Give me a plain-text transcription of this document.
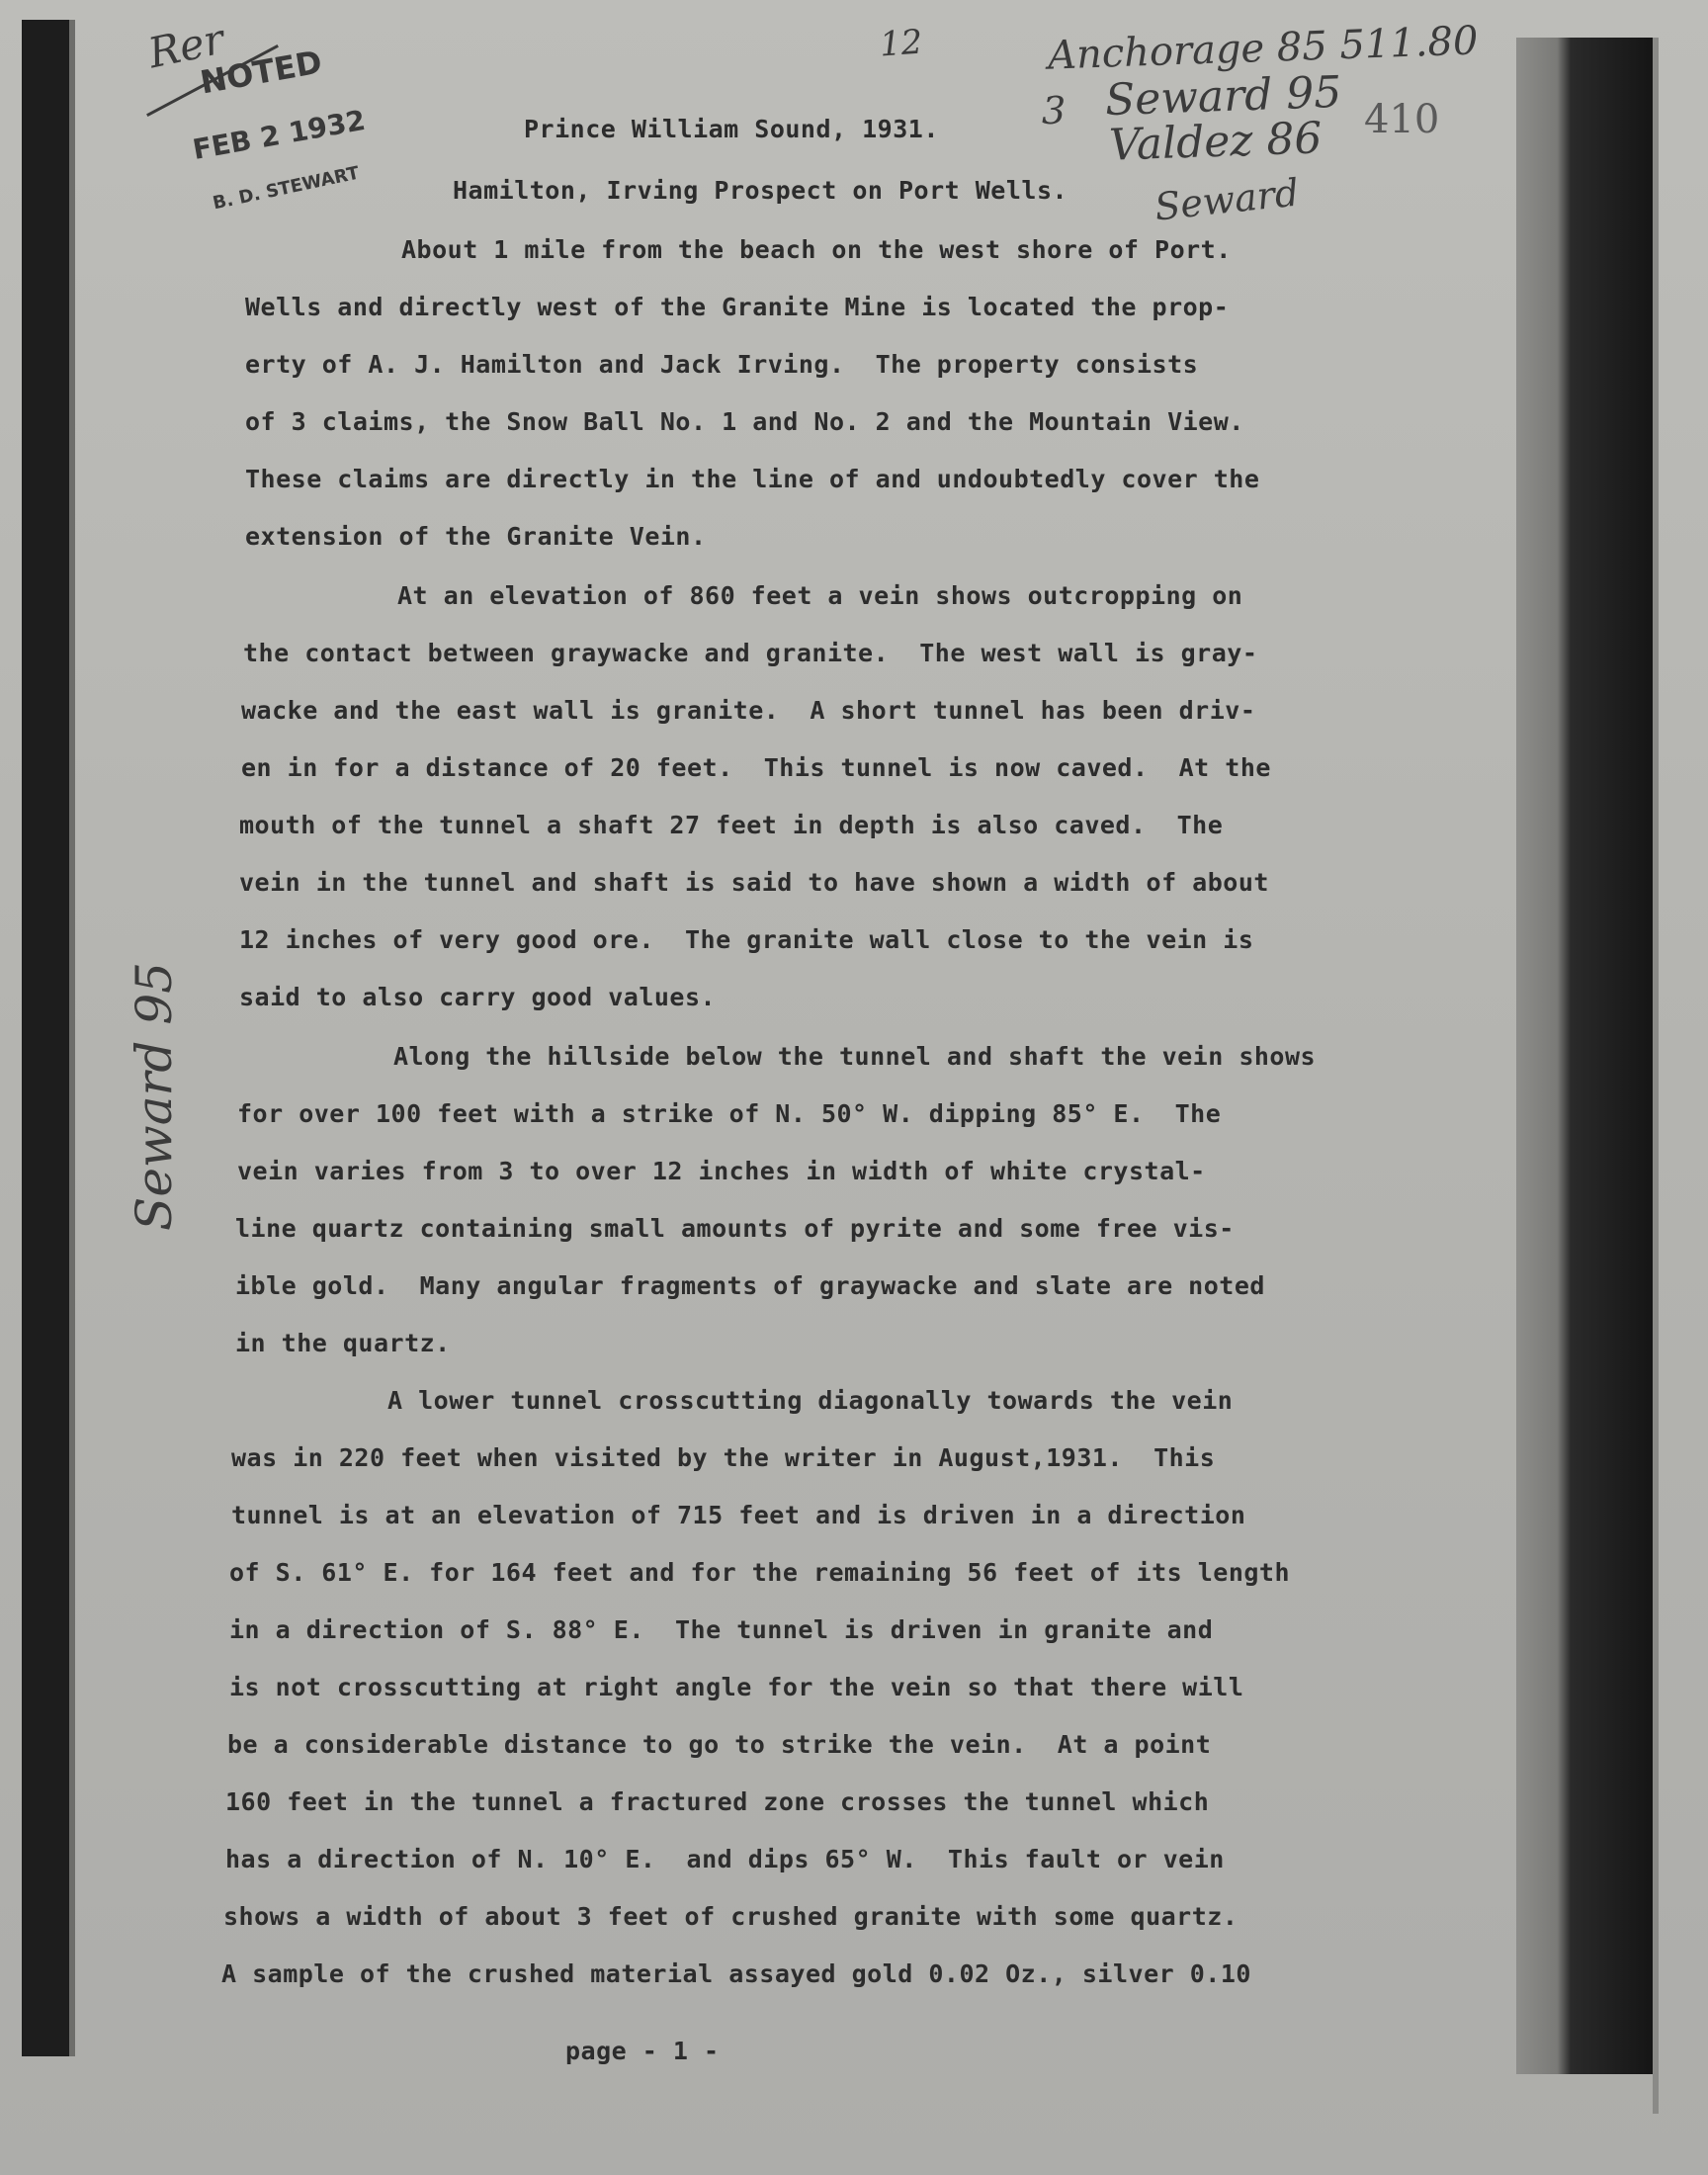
Rer
NOTED
FEB 2 1932
B. D. STEWART
12	Anchorage 85 511.80
3 Seward 95 410
Valdez 86
Seward
Seward 95
Prince William Sound, 1931.
Hamilton, Irving Prospect on Port Wells.
About 1 mile from the beach on the west shore of Port.
Wells and directly west of the Granite Mine is located the prop-
erty of A. J. Hamilton and Jack Irving.  The property consists
of 3 claims, the Snow Ball No. 1 and No. 2 and the Mountain View.
These claims are directly in the line of and undoubtedly cover the
extension of the Granite Vein.
At an elevation of 860 feet a vein shows outcropping on
the contact between graywacke and granite.  The west wall is gray-
wacke and the east wall is granite.  A short tunnel has been driv-
en in for a distance of 20 feet.  This tunnel is now caved.  At the
mouth of the tunnel a shaft 27 feet in depth is also caved.  The
vein in the tunnel and shaft is said to have shown a width of about
12 inches of very good ore.  The granite wall close to the vein is
said to also carry good values.
Along the hillside below the tunnel and shaft the vein shows
for over 100 feet with a strike of N. 50° W. dipping 85° E.  The
vein varies from 3 to over 12 inches in width of white crystal-
line quartz containing small amounts of pyrite and some free vis-
ible gold.  Many angular fragments of graywacke and slate are noted
in the quartz.
A lower tunnel crosscutting diagonally towards the vein
was in 220 feet when visited by the writer in August,1931.  This
tunnel is at an elevation of 715 feet and is driven in a direction
of S. 61° E. for 164 feet and for the remaining 56 feet of its length
in a direction of S. 88° E.  The tunnel is driven in granite and
is not crosscutting at right angle for the vein so that there will
be a considerable distance to go to strike the vein.  At a point
160 feet in the tunnel a fractured zone crosses the tunnel which
has a direction of N. 10° E.  and dips 65° W.  This fault or vein
shows a width of about 3 feet of crushed granite with some quartz.
A sample of the crushed material assayed gold 0.02 Oz., silver 0.10
page - 1 -
